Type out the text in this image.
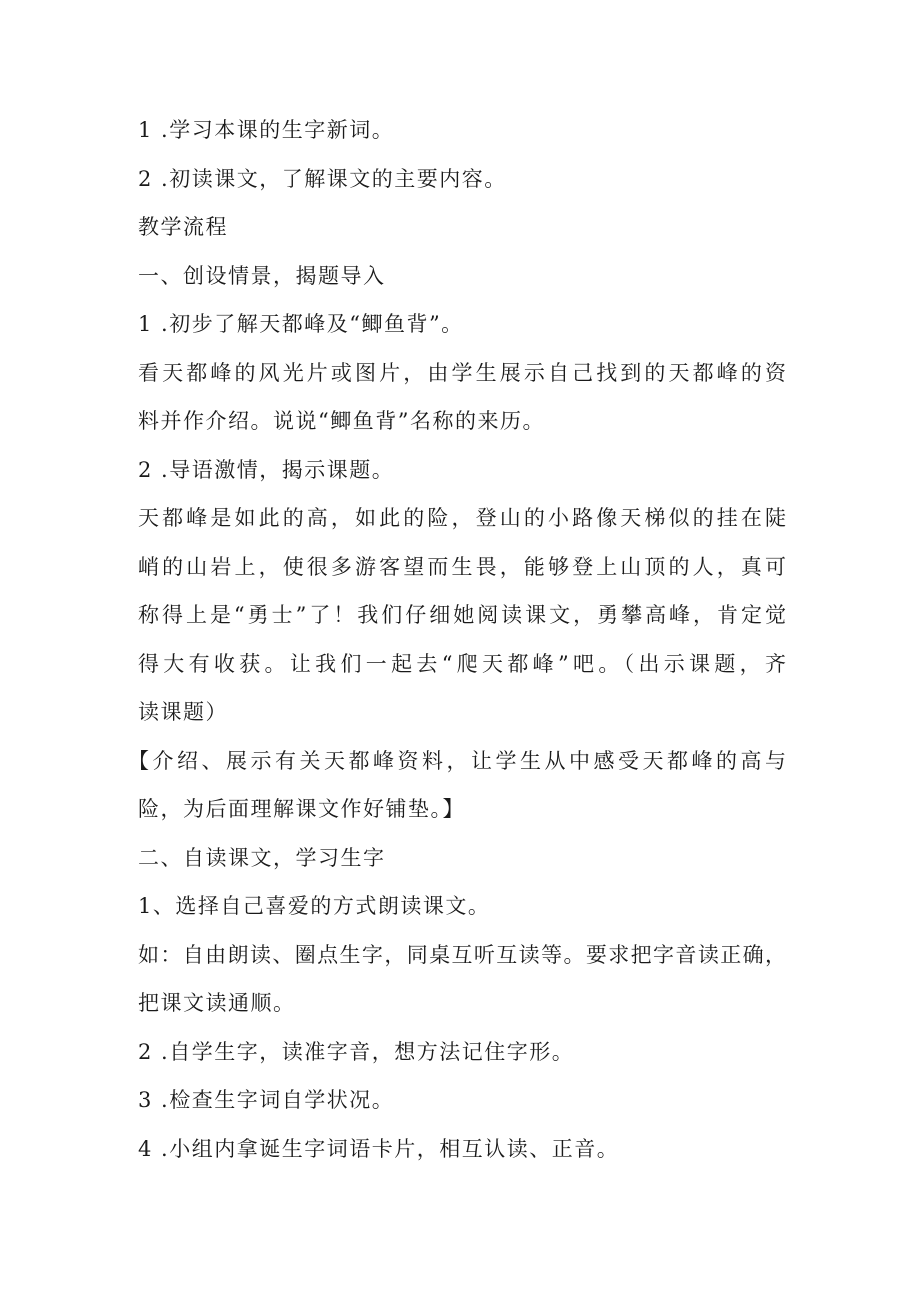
1 .学习本课的生字新词。
2 .初读课文，了解课文的主要内容。
教学流程
一、创设情景，揭题导入
1 .初步了解天都峰及“鲫鱼背”。
看天都峰的风光片或图片，由学生展示自己找到的天都峰的资
料并作介绍。说说“鲫鱼背”名称的来历。
2 .导语激情，揭示课题。
天都峰是如此的高，如此的险，登山的小路像天梯似的挂在陡
峭的山岩上，使很多游客望而生畏，能够登上山顶的人，真可
称得上是“勇士”了！我们仔细她阅读课文，勇攀高峰，肯定觉
得大有收获。让我们一起去“爬天都峰”吧。（出示课题，齐
读课题）
【介绍、展示有关天都峰资料，让学生从中感受天都峰的高与
险，为后面理解课文作好铺垫。】
二、自读课文，学习生字
1、选择自己喜爱的方式朗读课文。
如：自由朗读、圈点生字，同桌互听互读等。要求把字音读正确，
把课文读通顺。
2 .自学生字，读准字音，想方法记住字形。
3 .检查生字词自学状况。
4 .小组内拿诞生字词语卡片，相互认读、正音。
